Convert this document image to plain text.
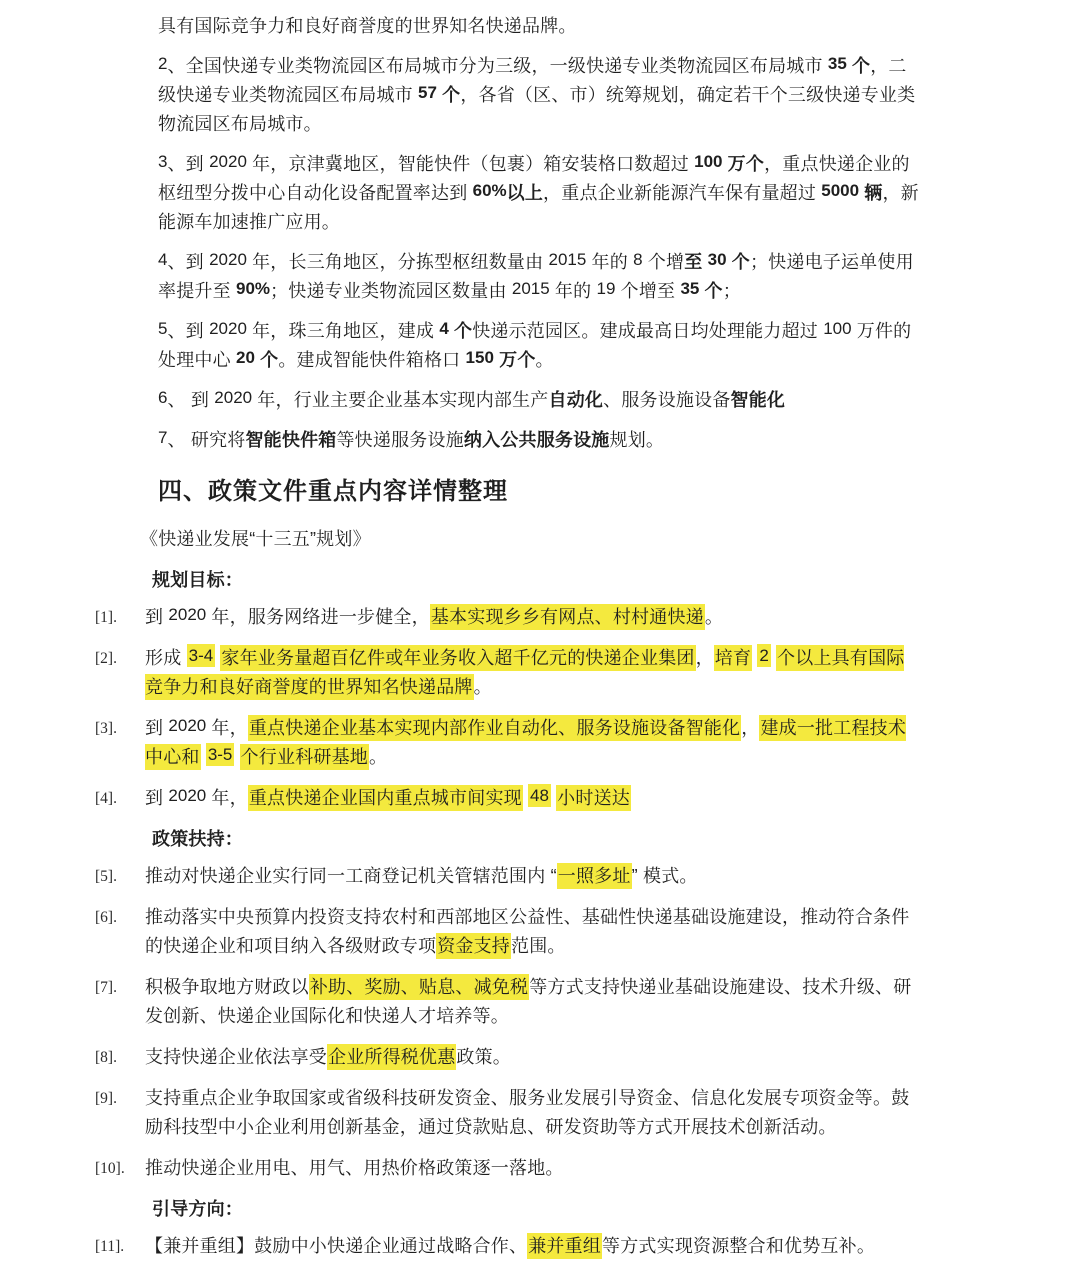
具有国际竞争力和良好商誉度的世界知名快递品牌。

2、全国快递专业类物流园区布局城市分为三级，一级快递专业类物流园区布局城市 35 个，二级快递专业类物流园区布局城市 57 个，各省（区、市）统筹规划，确定若干个三级快递专业类物流园区布局城市。

3、到 2020 年，京津冀地区，智能快件（包裹）箱安装格口数超过 100 万个，重点快递企业的枢纽型分拨中心自动化设备配置率达到 60%以上，重点企业新能源汽车保有量超过 5000 辆，新能源车加速推广应用。

4、到 2020 年，长三角地区，分拣型枢纽数量由 2015 年的 8 个增至 30 个；快递电子运单使用率提升至 90%；快递专业类物流园区数量由 2015 年的 19 个增至 35 个；

5、到 2020 年，珠三角地区，建成 4 个快递示范园区。建成最高日均处理能力超过 100 万件的处理中心 20 个。建成智能快件箱格口 150 万个。

6、 到 2020 年，行业主要企业基本实现内部生产自动化、服务设施设备智能化

7、 研究将智能快件箱等快递服务设施纳入公共服务设施规划。

四、政策文件重点内容详情整理

《快递业发展“十三五”规划》

规划目标：

[1]. 到 2020 年，服务网络进一步健全，基本实现乡乡有网点、村村通快递。
[2]. 形成 3-4 家年业务量超百亿件或年业务收入超千亿元的快递企业集团，培育 2 个以上具有国际竞争力和良好商誉度的世界知名快递品牌。
[3]. 到 2020 年，重点快递企业基本实现内部作业自动化、服务设施设备智能化，建成一批工程技术中心和 3-5 个行业科研基地。
[4]. 到 2020 年，重点快递企业国内重点城市间实现 48 小时送达

政策扶持：

[5]. 推动对快递企业实行同一工商登记机关管辖范围内 “一照多址” 模式。
[6]. 推动落实中央预算内投资支持农村和西部地区公益性、基础性快递基础设施建设，推动符合条件的快递企业和项目纳入各级财政专项资金支持范围。
[7]. 积极争取地方财政以补助、奖励、贴息、减免税等方式支持快递业基础设施建设、技术升级、研发创新、快递企业国际化和快递人才培养等。
[8]. 支持快递企业依法享受企业所得税优惠政策。
[9]. 支持重点企业争取国家或省级科技研发资金、服务业发展引导资金、信息化发展专项资金等。鼓励科技型中小企业利用创新基金，通过贷款贴息、研发资助等方式开展技术创新活动。
[10]. 推动快递企业用电、用气、用热价格政策逐一落地。

引导方向：

[11]. 【兼并重组】鼓励中小快递企业通过战略合作、兼并重组等方式实现资源整合和优势互补。
